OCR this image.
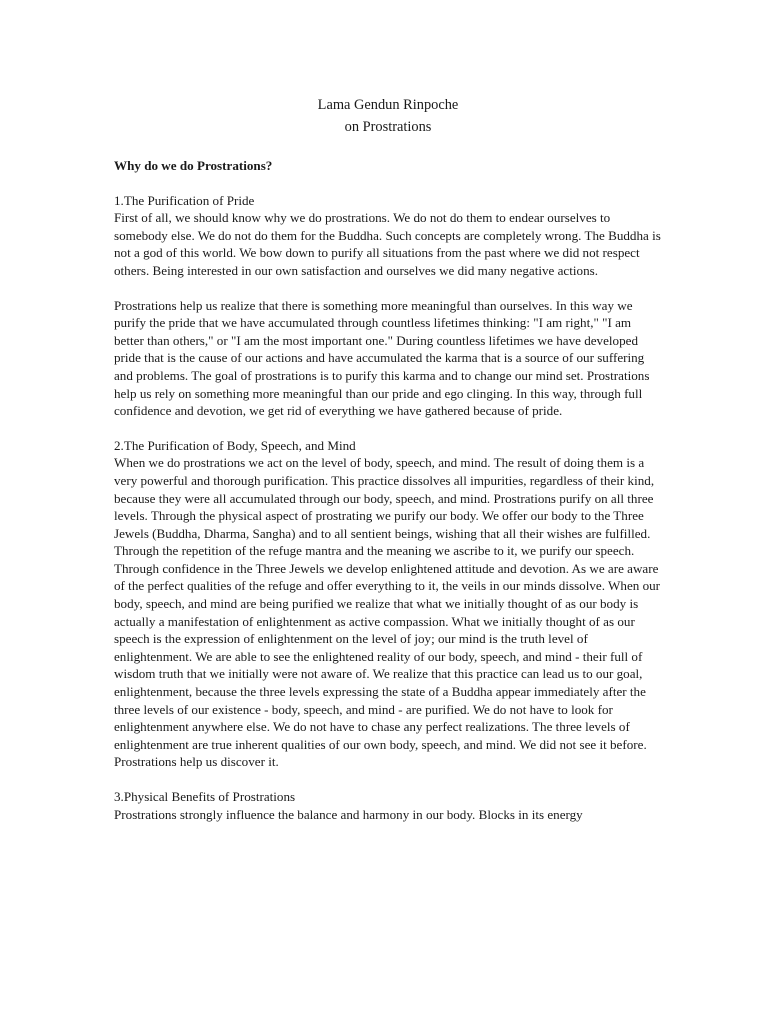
Lama Gendun Rinpoche
on Prostrations
Why do we do Prostrations?
1.The Purification of Pride

First of all, we should know why we do prostrations. We do not do them to endear ourselves to somebody else. We do not do them for the Buddha. Such concepts are completely wrong. The Buddha is not a god of this world. We bow down to purify all situations from the past where we did not respect others. Being interested in our own satisfaction and ourselves we did many negative actions.

Prostrations help us realize that there is something more meaningful than ourselves. In this way we purify the pride that we have accumulated through countless lifetimes thinking: "I am right," "I am better than others," or "I am the most important one." During countless lifetimes we have developed pride that is the cause of our actions and have accumulated the karma that is a source of our suffering and problems. The goal of prostrations is to purify this karma and to change our mind set. Prostrations help us rely on something more meaningful than our pride and ego clinging. In this way, through full confidence and devotion, we get rid of everything we have gathered because of pride.

2.The Purification of Body, Speech, and Mind

When we do prostrations we act on the level of body, speech, and mind. The result of doing them is a very powerful and thorough purification. This practice dissolves all impurities, regardless of their kind, because they were all accumulated through our body, speech, and mind. Prostrations purify on all three levels. Through the physical aspect of prostrating we purify our body. We offer our body to the Three Jewels (Buddha, Dharma, Sangha) and to all sentient beings, wishing that all their wishes are fulfilled. Through the repetition of the refuge mantra and the meaning we ascribe to it, we purify our speech. Through confidence in the Three Jewels we develop enlightened attitude and devotion. As we are aware of the perfect qualities of the refuge and offer everything to it, the veils in our minds dissolve. When our body, speech, and mind are being purified we realize that what we initially thought of as our body is actually a manifestation of enlightenment as active compassion. What we initially thought of as our speech is the expression of enlightenment on the level of joy; our mind is the truth level of enlightenment. We are able to see the enlightened reality of our body, speech, and mind - their full of wisdom truth that we initially were not aware of. We realize that this practice can lead us to our goal, enlightenment, because the three levels expressing the state of a Buddha appear immediately after the three levels of our existence - body, speech, and mind - are purified. We do not have to look for enlightenment anywhere else. We do not have to chase any perfect realizations. The three levels of enlightenment are true inherent qualities of our own body, speech, and mind. We did not see it before. Prostrations help us discover it.

3.Physical Benefits of Prostrations

Prostrations strongly influence the balance and harmony in our body. Blocks in its energy
